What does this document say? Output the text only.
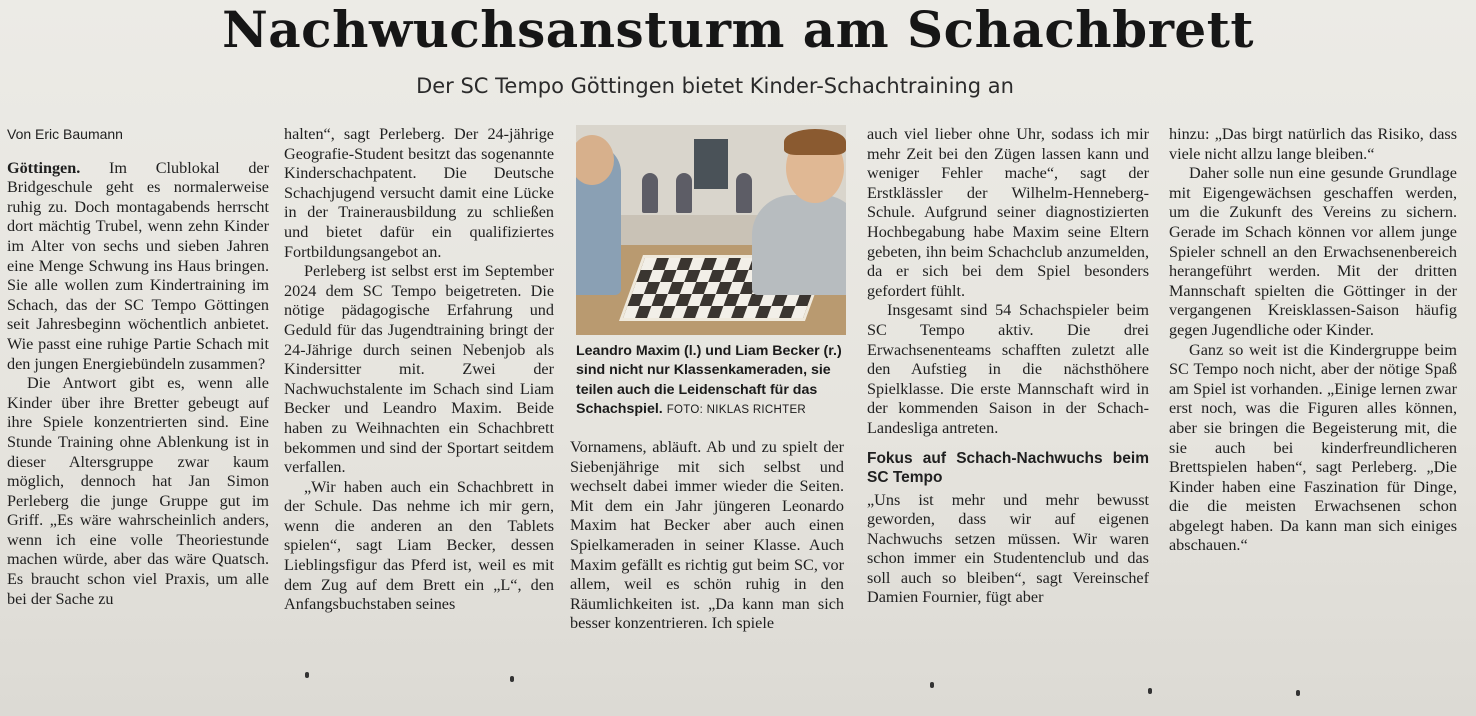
Nachwuchsansturm am Schachbrett
Der SC Tempo Göttingen bietet Kinder-Schachtraining an
Von Eric Baumann

Göttingen. Im Clublokal der Bridgeschule geht es normalerweise ruhig zu. Doch montagabends herrscht dort mächtig Trubel, wenn zehn Kinder im Alter von sechs und sieben Jahren eine Menge Schwung ins Haus bringen. Sie alle wollen zum Kindertraining im Schach, das der SC Tempo Göttingen seit Jahresbeginn wöchentlich anbietet. Wie passt eine ruhige Partie Schach mit den jungen Energiebündeln zusammen?

Die Antwort gibt es, wenn alle Kinder über ihre Bretter gebeugt auf ihre Spiele konzentrierten sind. Eine Stunde Training ohne Ablenkung ist in dieser Altersgruppe zwar kaum möglich, dennoch hat Jan Simon Perleberg die junge Gruppe gut im Griff. „Es wäre wahrscheinlich anders, wenn ich eine volle Theoriestunde machen würde, aber das wäre Quatsch. Es braucht schon viel Praxis, um alle bei der Sache zu

halten“, sagt Perleberg. Der 24-jährige Geografie-Student besitzt das sogenannte Kinderschachpatent. Die Deutsche Schachjugend versucht damit eine Lücke in der Trainerausbildung zu schließen und bietet dafür ein qualifiziertes Fortbildungsangebot an.

Perleberg ist selbst erst im September 2024 dem SC Tempo beigetreten. Die nötige pädagogische Erfahrung und Geduld für das Jugendtraining bringt der 24-Jährige durch seinen Nebenjob als Kindersitter mit. Zwei der Nachwuchstalente im Schach sind Liam Becker und Leandro Maxim. Beide haben zu Weihnachten ein Schachbrett bekommen und sind der Sportart seitdem verfallen.

„Wir haben auch ein Schachbrett in der Schule. Das nehme ich mir gern, wenn die anderen an den Tablets spielen“, sagt Liam Becker, dessen Lieblingsfigur das Pferd ist, weil es mit dem Zug auf dem Brett ein „L“, den Anfangsbuchstaben seines

Leandro Maxim (l.) und Liam Becker (r.) sind nicht nur Klassenkameraden, sie teilen auch die Leidenschaft für das Schachspiel. FOTO: NIKLAS RICHTER

Vornamens, abläuft. Ab und zu spielt der Siebenjährige mit sich selbst und wechselt dabei immer wieder die Seiten. Mit dem ein Jahr jüngeren Leonardo Maxim hat Becker aber auch einen Spielkameraden in seiner Klasse. Auch Maxim gefällt es richtig gut beim SC, vor allem, weil es schön ruhig in den Räumlichkeiten ist. „Da kann man sich besser konzentrieren. Ich spiele

auch viel lieber ohne Uhr, sodass ich mir mehr Zeit bei den Zügen lassen kann und weniger Fehler mache“, sagt der Erstklässler der Wilhelm-Henneberg-Schule. Aufgrund seiner diagnostizierten Hochbegabung habe Maxim seine Eltern gebeten, ihn beim Schachclub anzumelden, da er sich bei dem Spiel besonders gefordert fühlt.

Insgesamt sind 54 Schachspieler beim SC Tempo aktiv. Die drei Erwachsenenteams schafften zuletzt alle den Aufstieg in die nächsthöhere Spielklasse. Die erste Mannschaft wird in der kommenden Saison in der Schach-Landesliga antreten.

Fokus auf Schach-Nachwuchs beim SC Tempo

„Uns ist mehr und mehr bewusst geworden, dass wir auf eigenen Nachwuchs setzen müssen. Wir waren schon immer ein Studentenclub und das soll auch so bleiben“, sagt Vereinschef Damien Fournier, fügt aber

hinzu: „Das birgt natürlich das Risiko, dass viele nicht allzu lange bleiben.“

Daher solle nun eine gesunde Grundlage mit Eigengewächsen geschaffen werden, um die Zukunft des Vereins zu sichern. Gerade im Schach können vor allem junge Spieler schnell an den Erwachsenenbereich herangeführt werden. Mit der dritten Mannschaft spielten die Göttinger in der vergangenen Kreisklassen-Saison häufig gegen Jugendliche oder Kinder.

Ganz so weit ist die Kindergruppe beim SC Tempo noch nicht, aber der nötige Spaß am Spiel ist vorhanden. „Einige lernen zwar erst noch, was die Figuren alles können, aber sie bringen die Begeisterung mit, die sie auch bei kinderfreundlicheren Brettspielen haben“, sagt Perleberg. „Die Kinder haben eine Faszination für Dinge, die die meisten Erwachsenen schon abgelegt haben. Da kann man sich einiges abschauen.“
